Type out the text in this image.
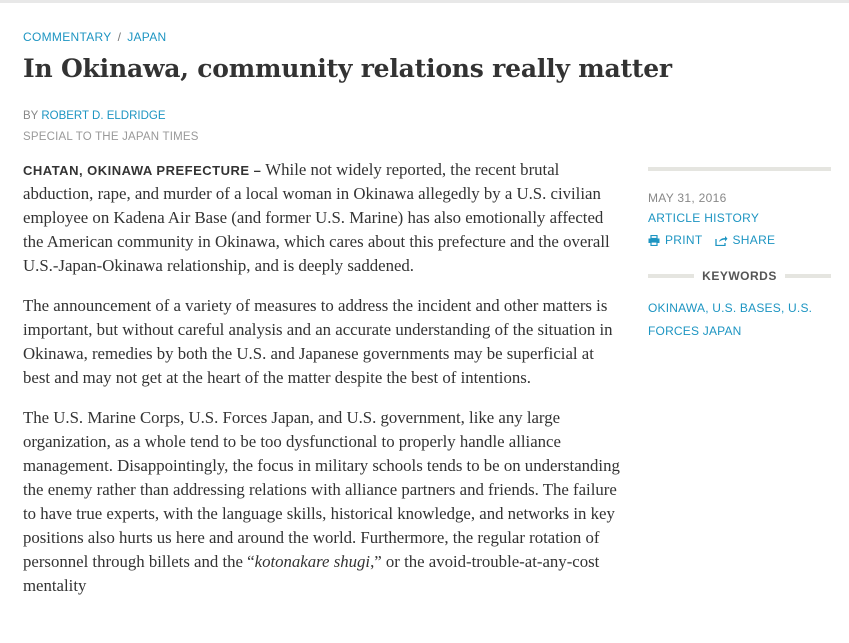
COMMENTARY / JAPAN
In Okinawa, community relations really matter
BY ROBERT D. ELDRIDGE
SPECIAL TO THE JAPAN TIMES

CHATAN, OKINAWA PREFECTURE – While not widely reported, the recent brutal abduction, rape, and murder of a local woman in Okinawa allegedly by a U.S. civilian employee on Kadena Air Base (and former U.S. Marine) has also emotionally affected the American community in Okinawa, which cares about this prefecture and the overall U.S.-Japan-Okinawa relationship, and is deeply saddened.

The announcement of a variety of measures to address the incident and other matters is important, but without careful analysis and an accurate understanding of the situation in Okinawa, remedies by both the U.S. and Japanese governments may be superficial at best and may not get at the heart of the matter despite the best of intentions.

The U.S. Marine Corps, U.S. Forces Japan, and U.S. government, like any large organization, as a whole tend to be too dysfunctional to properly handle alliance management. Disappointingly, the focus in military schools tends to be on understanding the enemy rather than addressing relations with alliance partners and friends. The failure to have true experts, with the language skills, historical knowledge, and networks in key positions also hurts us here and around the world. Furthermore, the regular rotation of personnel through billets and the “kotonakare shugi,” or the avoid-trouble-at-any-cost mentality

MAY 31, 2016
ARTICLE HISTORY
PRINT	SHARE
KEYWORDS
OKINAWA, U.S. BASES, U.S. FORCES JAPAN
